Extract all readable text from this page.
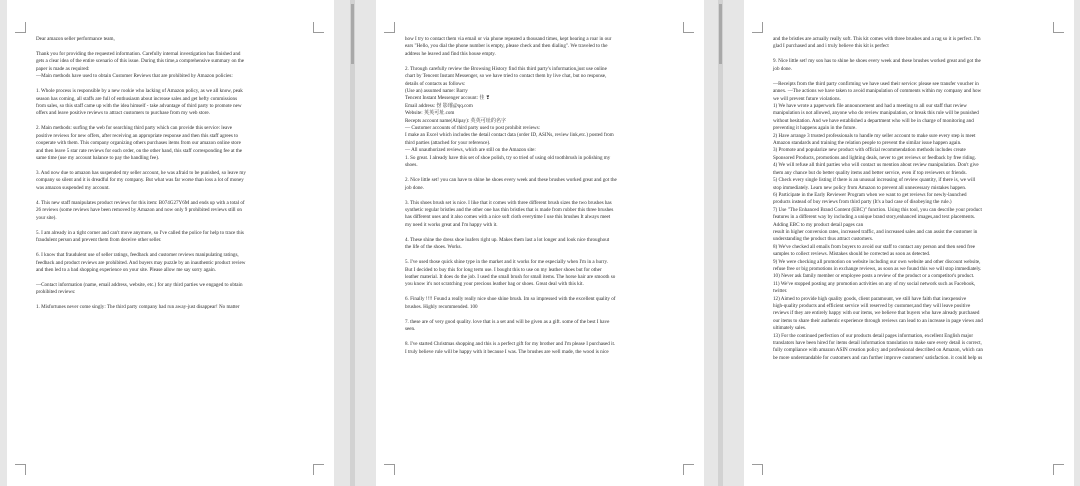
Dear amazon seller performance team,

Thank you for providing the requested information. Carefully internal investigation has finished and
gets a clear idea of the entire scenario of this issue. During this time,a comprehensive summary on the
paper is made as required:
—Main methods have used to obtain Customer Reviews that are prohibited by Amazon policies:

1. Whole process is responsible by a new rookie who lacking of Amazon policy, as we all know, peak
season has coming, all staffs are full of enthusiasm about increase sales and get hefty commissions
from sales, so this staff came up with the idea himself - take advantage of third party to promote new
offers and leave positive reviews to attract customers to purchase from my web store.

2. Main methods: surfing the web for searching third party which can provide this service: leave
positive reviews for new offers, after receiving an appropriate response and then this staff agrees to
cooperate with them. This company organizing others purchases items from our amazon online store
and then leave 5 star rate reviews for each order, on the other hand, this staff corresponding fee at the
same time (use my account balance to pay the handling fee).

3. And now due to amazon has suspended my seller account, he was afraid to be punished, so leave my
company so silent and it is dreadful for my company. But what was far worse than loss a lot of money
was amazon suspended my account.

4. This new staff manipulates product reviews for this item: B074G27Y6M and ends up with a total of
26 reviews (some reviews have been removed by Amazon and now only 9 prohibited reviews still on
your site).

5. I am already in a tight corner and can't move anymore, so I've called the police for help to trace this
fraudulent person and prevent them from deceive other seller.

6. I know that fraudulent use of seller ratings, feedback and customer reviews manipulating ratings,
feedback and product reviews are prohibited. And buyers may puzzle by an inauthentic product review
and then led to a bad shopping experience on your site. Please allow me say sorry again.

—Contact information (name, email address, website, etc.) for any third parties we engaged to obtain
prohibited reviews:

1. Misfortunes never come singly: The third party company had run away-just disappear! No matter

how I try to contact them via email or via phone repeated a thousand times, kept hearing a roar in our
ears "Hello, you dial the phone number is empty, please check and then dialing". We traveled to the
address he leaved and find this house empty.

2. Through carefully review the Browsing History find this third party's information,just use online
chart by Tencent Instant Messenger, so we have tried to contact them by live chat, but no response,
details of contacts as follows:
(Use an) assumed name: Barry
Tencent Instant Messenger account: 佳 ❣
Email address: 伢 影璀@qq.com
Website: 英英可址.com
Recepts account name(Alipay): 英英可址的名字
— Customer accounts of third party used to post prohibit reviews:
I make an Excel which includes the detail contact data (order ID, ASINs, review link,etc.) posted from
third parties (attached for your reference).
— All unauthorized reviews, which are still on the Amazon site:
1. So great. I already have this set of shoe polish, try so tried of using old toothbrush in polishing my
shoes.

2. Nice little set! you can have to shine he shoes every week and these brushes worked great and got the
job done.

3. This shoes brush set is nice. I like that it comes with three different brush sizes the two brushes has
synthetic regular bristles and the other one has thin bristles that is made from rubber this three brushes
has different uses and it also comes with a nice soft cloth everytime I use this brushes It always meet
my need it works great and I'm happy with it.

4. These shine the dress shoe loafers right up. Makes them last a lot longer and look nice throughout
the life of the shoes. Works.

5. I've used those quick shine type in the market and it works for me especially when I'm in a hurry.
But I decided to buy this for long term use. I bought this to use on my leather shoes but for other
leather material. It does do the job. I used the small brush for small items. The horse hair are smooth so
you know it's not scratching your precious leather bag or shoes. Great deal with this kit.

6. Finally !!!! Found a really really nice shoe shine brush. Im so impressed with the excellent quality of
brushes. Highly recommended. 100

7. these are of very good quality. love that is a set and will be given as a gift. some of the best I have
seen.

8. I've started Christmas shopping and this is a perfect gift for my brother and I'm please I purchased it.
I truly believe rule will be happy with it because I was. The brushes are well made, the wood is nice

and the bristles are actually really soft. This kit comes with three brushes and a rag so it is perfect. I'm
glad I purchased and and i truly believe this kit is perfect

9. Nice little set! my son has to shine he shoes every week and these brushes worked great and got the
job done.

—Receipts from the third party confirming we have used their service: please see transfer voucher in
annex. —The actions we have taken to avoid manipulation of comments within my company and how
we will prevent future violations.
1) We have wrote a paperwork file announcement and had a meeting to all our staff that review
manipulation is not allowed, anyone who do review manipulation, or break this rule will be punished
without hesitation. And we have established a department who will be in charge of monitoring and
preventing it happens again in the future.
2) Have arrange 3 trusted professionals to handle my seller account to make sure every step is meet
Amazon standards and training the relation people to prevent the similar issue happen again.
3) Promote and popularize new product with official recommendation methods includes create
Sponsored Products, promotions and lighting deals, never to get reviews or feedback by free riding.
4) We will refuse all third parties who will contact us mention about review manipulation. Don't give
them any chance but do better quality items and better service, even if top reviewers or friends.
5) Check every single listing if there is an unusual increasing of review quantity, if there is, we will
stop immediately. Learn new policy from Amazon to prevent all unnecessary mistakes happen.
6) Participate in the Early Reviewer Program when we want to get reviews for newly-launched
products instead of buy reviews from third party (It's a bad case of disobeying the rule.)
7) Use "The Enhanced Brand Content (EBC)" function. Using this tool, you can describe your product
features in a different way by including a unique brand story,enhanced images,and text placements.
Adding EBC to my product detail pages can
result in higher conversion rates, increased traffic, and increased sales and can assist the customer in
understanding the product thus attract customers.
8) We've checked all emails from buyers to avoid our staff to contact any person and then send free
samples to collect reviews. Mistakes should be corrected as soon as detected.
9) We were checking all promotion on website including our own website and other discount website,
refuse free or big promotions in exchange reviews, as soon as we found this we will stop immediately.
10) Never ask family member or employee posts a review of the product or a competitor's product.
11) We've stopped posting any promotion activities on any of my social network such as Facebook,
twitter.
12) Aimed to provide high quality goods, client paramount, we still have faith that inexpensive
high-quality products and efficient service will reserved by customer,and they will leave positive
reviews if they are entirely happy with our items, we believe that buyers who have already purchased
our items to share their authentic experience through reviews can lead to an increase in page views and
ultimately sales.
13) For the continued perfection of our products detail pages information, excellent English major
translators have been hired for items detail information translation to make sure every detail is correct,
fully compliance with amazon ASIN creation policy and professional described on Amazon, which can
be more understandable for customers and can further improve customers' satisfaction. it could help us
